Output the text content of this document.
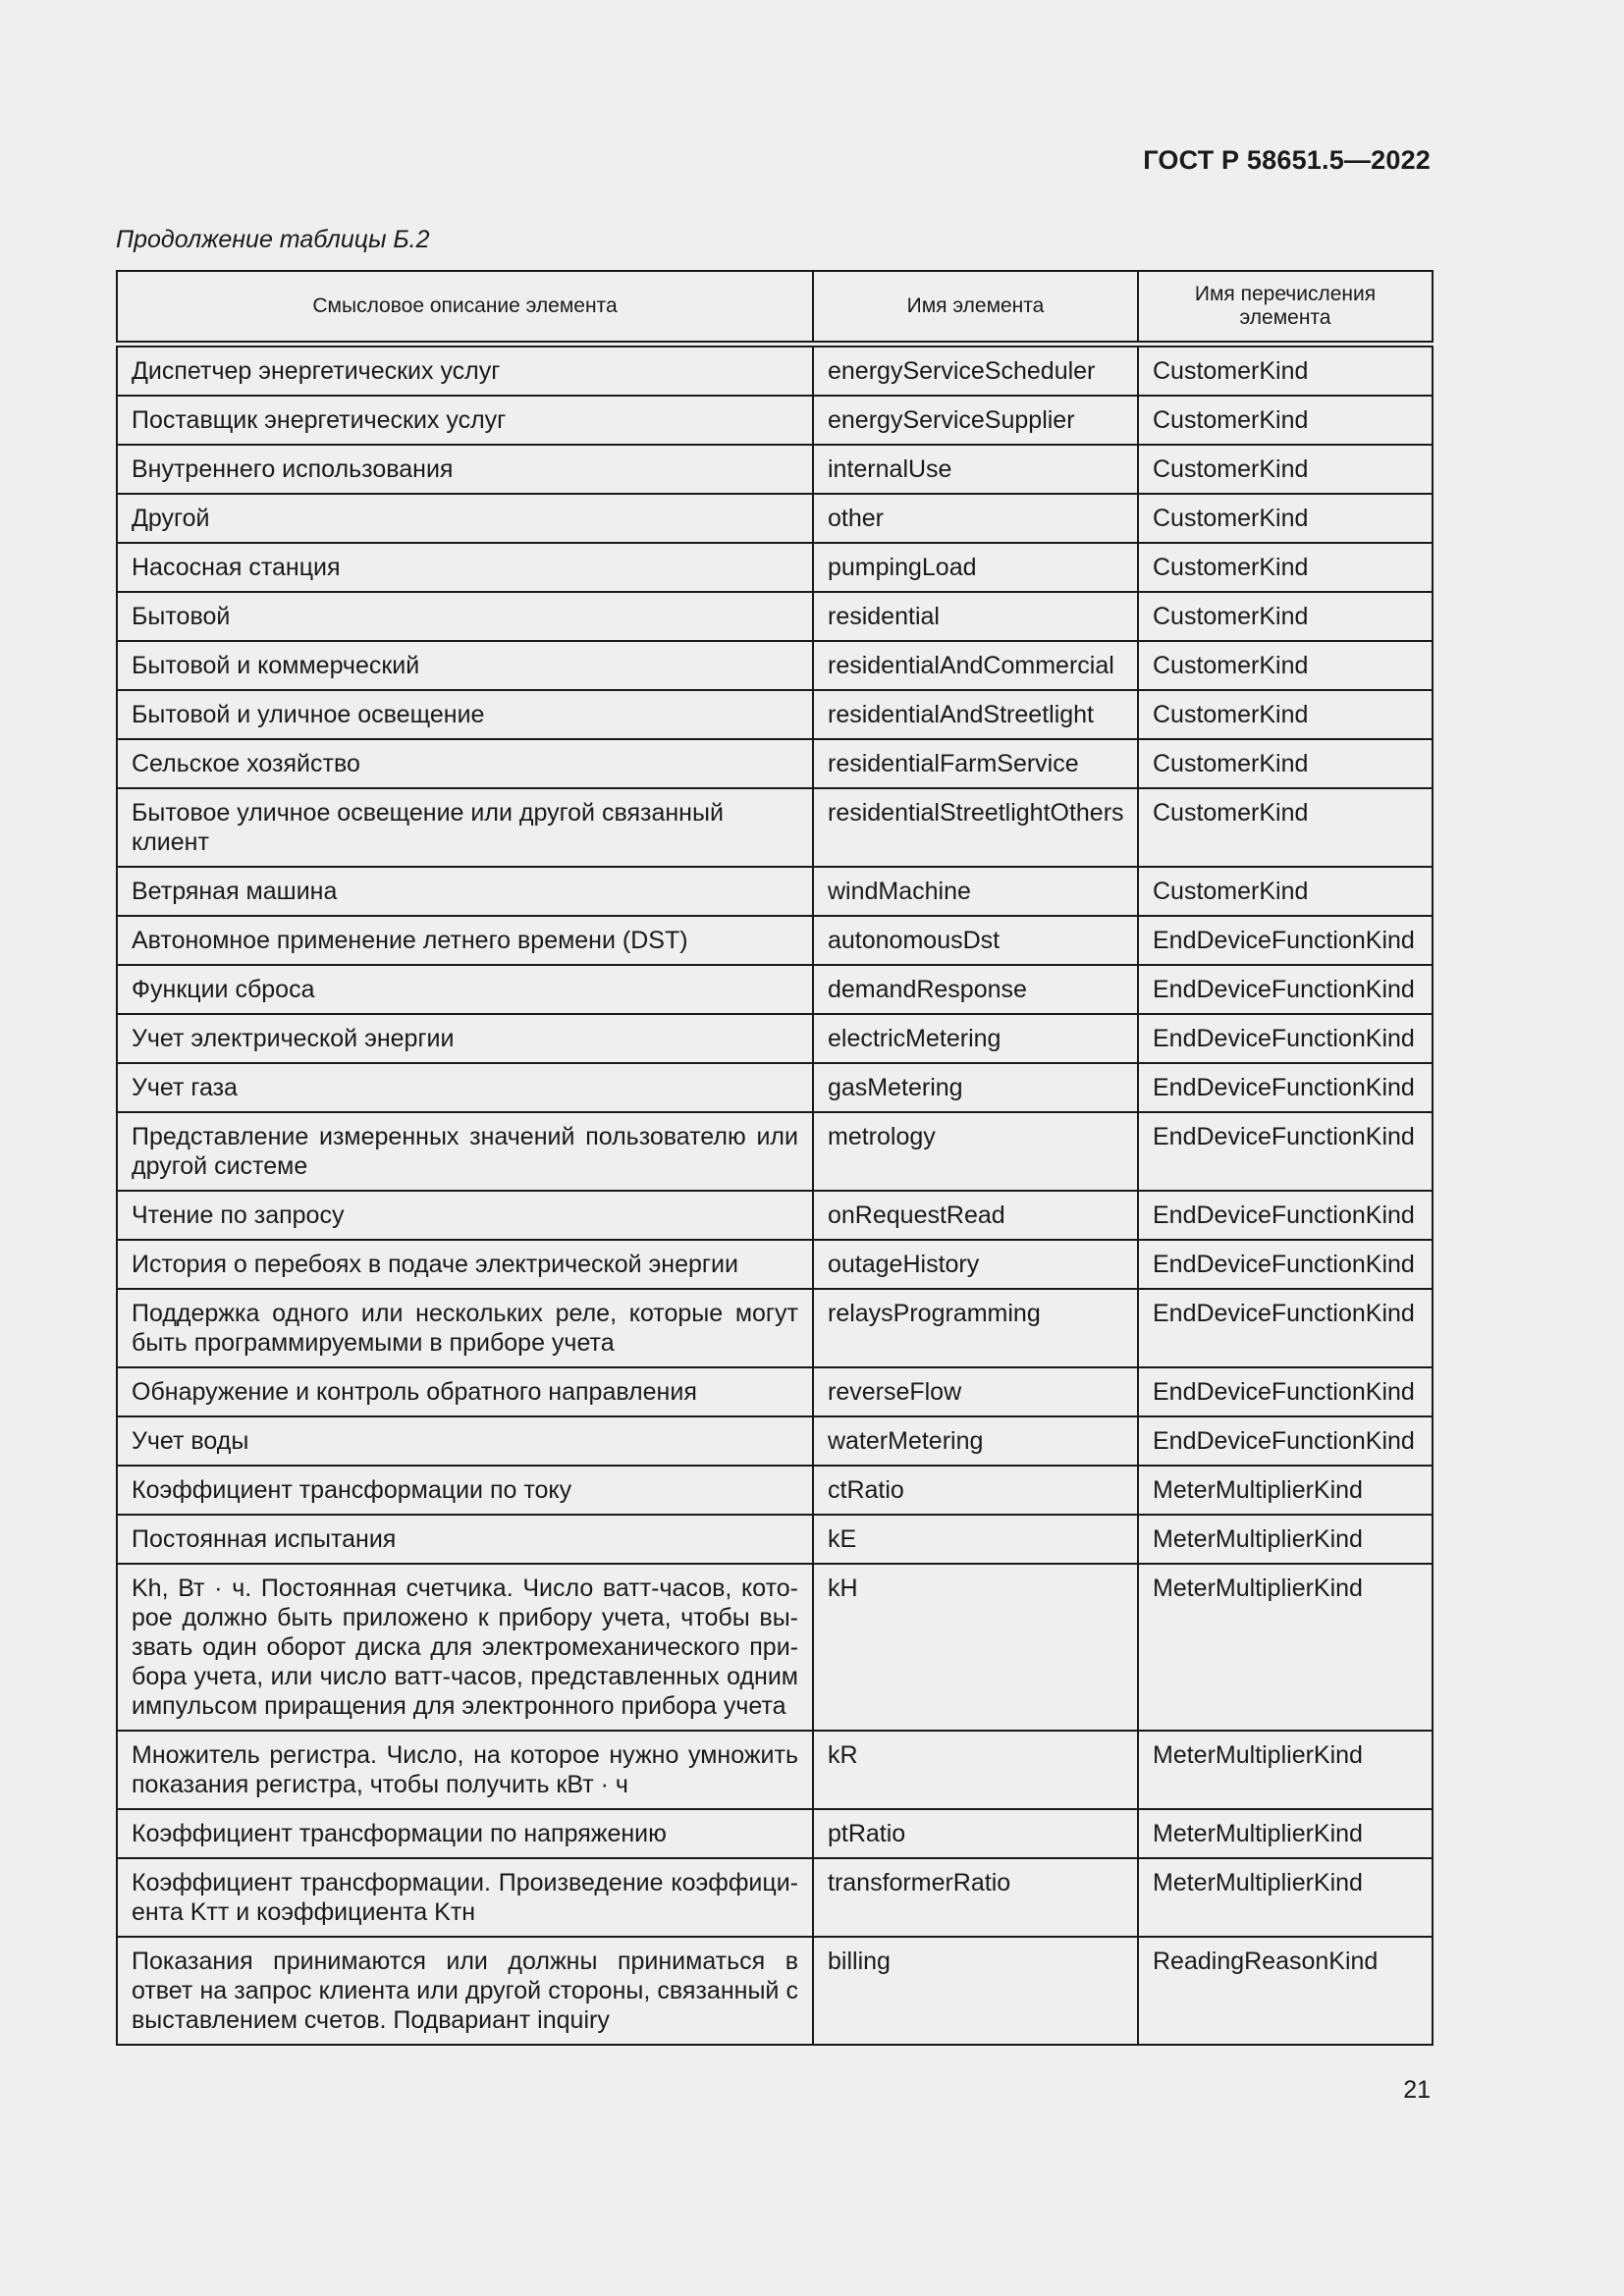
ГОСТ Р 58651.5—2022
Продолжение таблицы Б.2
Смысловое описание элемента	Имя элемента	Имя перечисления элемента
Диспетчер энергетических услуг	energyServiceScheduler	CustomerKind
Поставщик энергетических услуг	energyServiceSupplier	CustomerKind
Внутреннего использования	internalUse	CustomerKind
Другой	other	CustomerKind
Насосная станция	pumpingLoad	CustomerKind
Бытовой	residential	CustomerKind
Бытовой и коммерческий	residentialAndCommercial	CustomerKind
Бытовой и уличное освещение	residentialAndStreetlight	CustomerKind
Сельское хозяйство	residentialFarmService	CustomerKind
Бытовое уличное освещение или другой связанный клиент	residentialStreetlightOthers	CustomerKind
Ветряная машина	windMachine	CustomerKind
Автономное применение летнего времени (DST)	autonomousDst	EndDeviceFunctionKind
Функции сброса	demandResponse	EndDeviceFunctionKind
Учет электрической энергии	electricMetering	EndDeviceFunctionKind
Учет газа	gasMetering	EndDeviceFunctionKind
Представление измеренных значений пользователю или другой системе	metrology	EndDeviceFunctionKind
Чтение по запросу	onRequestRead	EndDeviceFunctionKind
История о перебоях в подаче электрической энергии	outageHistory	EndDeviceFunctionKind
Поддержка одного или нескольких реле, которые могут быть программируемыми в приборе учета	relaysProgramming	EndDeviceFunctionKind
Обнаружение и контроль обратного направления	reverseFlow	EndDeviceFunctionKind
Учет воды	waterMetering	EndDeviceFunctionKind
Коэффициент трансформации по току	ctRatio	MeterMultiplierKind
Постоянная испытания	kE	MeterMultiplierKind
Kh, Вт · ч. Постоянная счетчика. Число ватт-часов, которое должно быть приложено к прибору учета, чтобы вызвать один оборот диска для электромеханического прибора учета, или число ватт-часов, представленных одним импульсом приращения для электронного прибора учета	kH	MeterMultiplierKind
Множитель регистра. Число, на которое нужно умножить показания регистра, чтобы получить кВт · ч	kR	MeterMultiplierKind
Коэффициент трансформации по напряжению	ptRatio	MeterMultiplierKind
Коэффициент трансформации. Произведение коэффициента Kтт и коэффициента Kтн	transformerRatio	MeterMultiplierKind
Показания принимаются или должны приниматься в ответ на запрос клиента или другой стороны, связанный с выставлением счетов. Подвариант inquiry	billing	ReadingReasonKind
21
